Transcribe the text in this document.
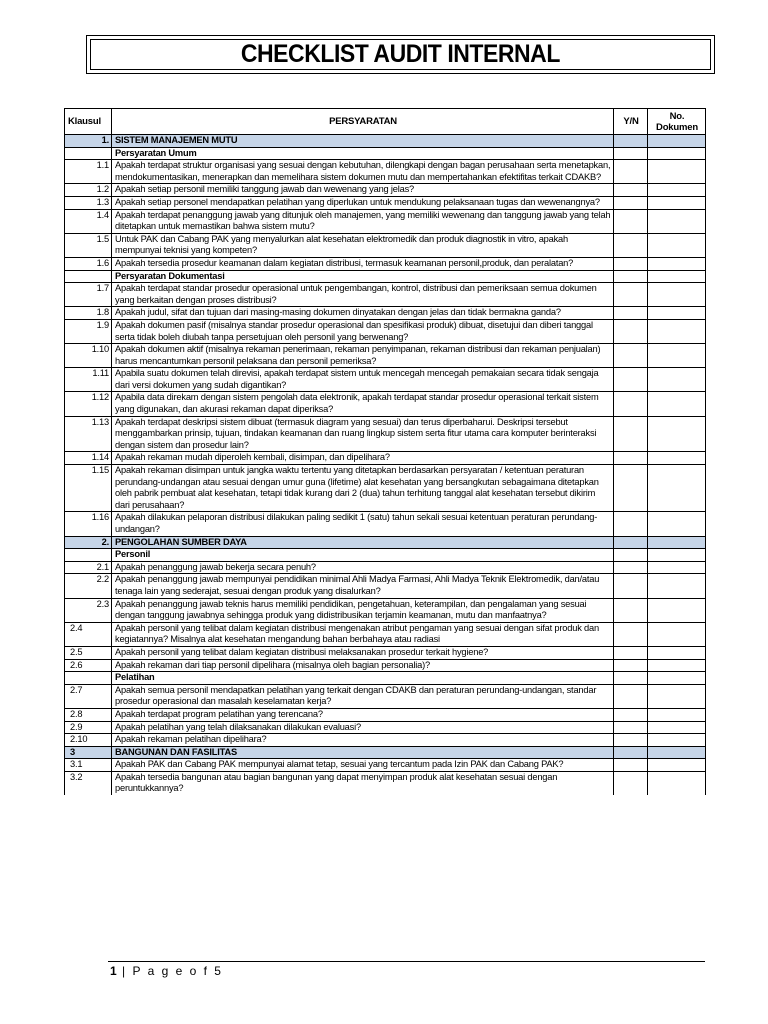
CHECKLIST AUDIT INTERNAL
Klausul	PERSYARATAN	Y/N	No. Dokumen
1.	SISTEM MANAJEMEN MUTU		
	Persyaratan Umum		
1.1	Apakah terdapat struktur organisasi yang sesuai dengan kebutuhan, dilengkapi dengan bagan perusahaan serta menetapkan, mendokumentasikan, menerapkan dan memelihara sistem dokumen mutu dan mempertahankan efektifitas terkait CDAKB?		
1.2	Apakah setiap personil memiliki tanggung jawab dan wewenang yang jelas?		
1.3	Apakah setiap personel mendapatkan pelatihan yang diperlukan untuk mendukung pelaksanaan tugas dan wewenangnya?		
1.4	Apakah terdapat penanggung jawab yang ditunjuk oleh manajemen, yang memiliki wewenang dan tanggung jawab yang telah ditetapkan untuk memastikan bahwa sistem mutu?		
1.5	Untuk PAK dan Cabang PAK yang menyalurkan alat kesehatan elektromedik dan produk diagnostik in vitro, apakah mempunyai teknisi yang kompeten?		
1.6	Apakah tersedia prosedur keamanan dalam kegiatan distribusi, termasuk keamanan personil,produk, dan peralatan?		
	Persyaratan Dokumentasi		
1.7	Apakah terdapat standar prosedur operasional untuk pengembangan, kontrol, distribusi dan pemeriksaan semua dokumen yang berkaitan dengan proses distribusi?		
1.8	Apakah judul, sifat dan tujuan dari masing-masing dokumen dinyatakan dengan jelas dan tidak bermakna ganda?		
1.9	Apakah dokumen pasif (misalnya standar prosedur operasional dan spesifikasi produk) dibuat, disetujui dan diberi tanggal serta tidak boleh diubah tanpa persetujuan oleh personil yang berwenang?		
1.10	Apakah dokumen aktif (misalnya rekaman penerimaan, rekaman penyimpanan, rekaman distribusi dan rekaman penjualan) harus mencantumkan personil pelaksana dan personil pemeriksa?		
1.11	Apabila suatu dokumen telah direvisi, apakah terdapat sistem untuk mencegah mencegah pemakaian secara tidak sengaja dari versi dokumen yang sudah digantikan?		
1.12	Apabila data direkam dengan sistem pengolah data elektronik, apakah terdapat standar prosedur operasional terkait sistem yang digunakan, dan akurasi rekaman dapat diperiksa?		
1.13	Apakah terdapat deskripsi sistem dibuat (termasuk diagram yang sesuai) dan terus diperbaharui. Deskripsi tersebut menggambarkan prinsip, tujuan, tindakan keamanan dan ruang lingkup sistem serta fitur utama cara komputer berinteraksi dengan sistem dan prosedur lain?		
1.14	Apakah rekaman mudah diperoleh kembali, disimpan, dan dipelihara?		
1.15	Apakah rekaman disimpan untuk jangka waktu tertentu yang ditetapkan berdasarkan persyaratan / ketentuan peraturan perundang-undangan atau sesuai dengan umur guna (lifetime) alat kesehatan yang bersangkutan sebagaimana ditetapkan oleh pabrik pembuat alat kesehatan, tetapi tidak kurang dari 2 (dua) tahun terhitung tanggal alat kesehatan tersebut dikirim dari perusahaan?		
1.16	Apakah dilakukan pelaporan distribusi dilakukan paling sedikit 1 (satu) tahun sekali sesuai ketentuan peraturan perundang-undangan?		
2.	PENGOLAHAN SUMBER DAYA		
	Personil		
2.1	Apakah penanggung jawab bekerja secara penuh?		
2.2	Apakah penanggung jawab mempunyai pendidikan minimal Ahli Madya Farmasi, Ahli Madya Teknik Elektromedik, dan/atau tenaga lain yang sederajat, sesuai dengan produk yang disalurkan?		
2.3	Apakah penanggung jawab teknis harus memiliki pendidikan, pengetahuan, keterampilan, dan pengalaman yang sesuai dengan tanggung jawabnya sehingga produk yang didistribusikan terjamin keamanan, mutu dan manfaatnya?		
2.4	Apakah personil yang telibat dalam kegiatan distribusi mengenakan atribut pengaman yang sesuai dengan sifat produk dan kegiatannya? Misalnya alat kesehatan mengandung bahan berbahaya atau radiasi		
2.5	Apakah personil yang telibat dalam kegiatan distribusi melaksanakan prosedur terkait hygiene?		
2.6	Apakah rekaman dari tiap personil dipelihara (misalnya oleh bagian personalia)?		
	Pelatihan		
2.7	Apakah semua personil mendapatkan pelatihan yang terkait dengan CDAKB dan peraturan perundang-undangan, standar prosedur operasional dan masalah keselamatan kerja?		
2.8	Apakah terdapat program pelatihan yang terencana?		
2.9	Apakah pelatihan yang telah dilaksanakan dilakukan evaluasi?		
2.10	Apakah rekaman pelatihan dipelihara?		
3	BANGUNAN DAN FASILITAS		
3.1	Apakah PAK dan Cabang PAK mempunyai alamat tetap, sesuai yang tercantum pada Izin PAK dan Cabang PAK?		
3.2	Apakah tersedia bangunan atau bagian bangunan yang dapat menyimpan produk alat kesehatan sesuai dengan peruntukkannya?		
1 | P a g e o f 5
